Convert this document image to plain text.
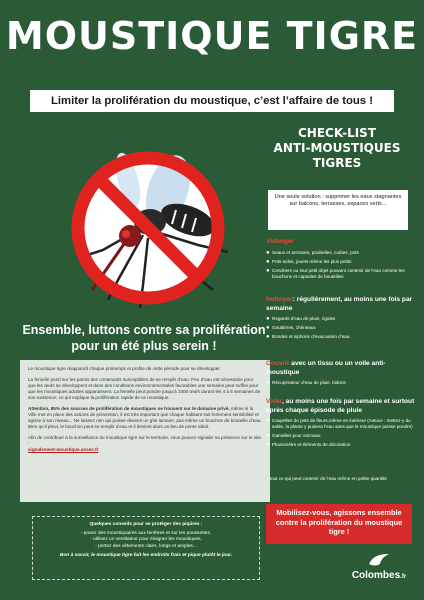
MOUSTIQUE TIGRE
Limiter la prolifération du moustique, c’est l’affaire de tous !
Ensemble, luttons contre sa prolifération pour un été plus serein !

Le moustique tigre réapparaît chaque printemps et profite de cette période pour se développer.

La femelle pond sur les parois des contenants susceptibles de se remplir d’eau. Peu d’eau est nécessaire pour que les œufs se développent et dans des conditions environnementales favorables une semaine peut suffire pour que les moustiques adultes apparaissent. La femelle peut pondre jusqu’à 1000 œufs durant les 4 à 5 semaines de son existence, ce qui explique la prolifération rapide de ce moustique.

Attention, 85% des sources de prolifération de moustiques se trouvent sur le domaine privé, même si la Ville met en place des actions de prévention, il est très important que chaque habitant soit fortement sensibilisé et agisse à son niveau... Ne laissez rien qui puisse devenir un gîte larvaire, pas même un bouchon de bouteille d’eau. Bien qu’il pleut, le bouchon peut se remplir d’eau et il devient alors un lieu de ponte idéal.

Afin de contribuer à la surveillance du moustique tigre sur le territoire, vous pouvez signaler sa présence sur le site :
signalement-moustique.anses.fr

Quelques conseils pour se protéger des piqûres :
- posez des moustiquaires aux fenêtres et sur les poussettes,
- utilisez un ventilateur pour éloigner les moustiques,
- portez des vêtements clairs, longs et amples...
Bon à savoir, le moustique tigre fuit les endroits frais et pique plutôt le jour.
CHECK-LIST
ANTI-MOUSTIQUES
TIGRES
Une seule solution : supprimer les eaux stagnantes sur balcons, terrasses, espaces verts...
Vidanger
● Seaux et arrosoirs, poubelles, coûtes, pots
● Pots-soles, jouets même les plus petits
● Cendriers ou tout petit objet pouvant contenir de l’eau comme les bouchons et capsules de bouteilles
Nettoyer: régulièrement, au moins une fois par semaine
● Regards d’eau de pluie, rigoles
● Gouttières, chéneaux
● Bondes et siphons d’évacuation d’eau
Couvrir avec un tissu ou un voile anti-moustique
● Récupérateur d’eau de pluie, bidons
Vider, au moins une fois par semaine et surtout après chaque épisode de pluie
● Coupelles de pots de fleurs,même en intérieur (Astuce : mettez-y du sable, la plante y puisera l’eau sans que le moustique puisse pondre)
● Gamelles pour animaux
● Pluviomètre et éléments de décoration
...tout ce qui peut contenir de l’eau même en petite quantité
Mobilisez-vous, agissons ensemble contre la prolifération du moustique tigre !
Colombes.fr
